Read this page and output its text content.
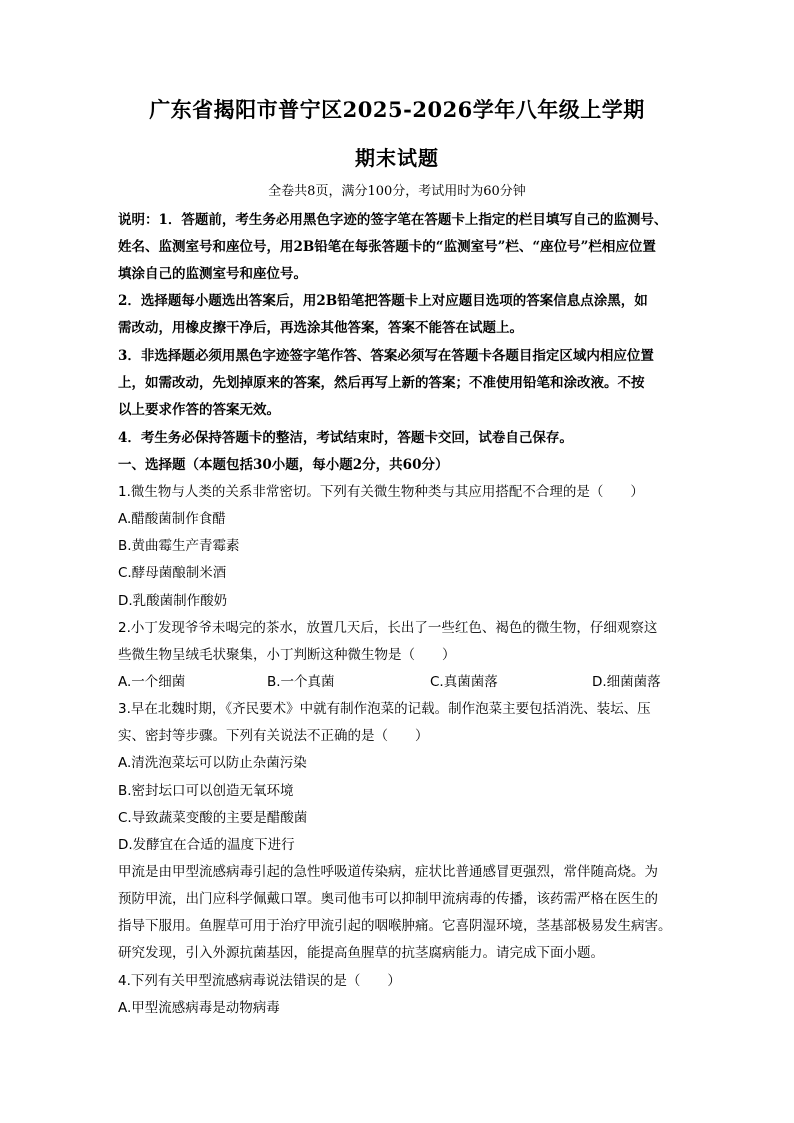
广东省揭阳市普宁区2025-2026学年八年级上学期
期末试题
全卷共8页，满分100分，考试用时为60分钟
说明：1．答题前，考生务必用黑色字迹的签字笔在答题卡上指定的栏目填写自己的监测号、
姓名、监测室号和座位号，用2B铅笔在每张答题卡的“监测室号”栏、“座位号”栏相应位置
填涂自己的监测室号和座位号。
2．选择题每小题选出答案后，用2B铅笔把答题卡上对应题目选项的答案信息点涂黑，如
需改动，用橡皮擦干净后，再选涂其他答案，答案不能答在试题上。
3．非选择题必须用黑色字迹签字笔作答、答案必须写在答题卡各题目指定区域内相应位置
上，如需改动，先划掉原来的答案，然后再写上新的答案；不准使用铅笔和涂改液。不按
以上要求作答的答案无效。
4．考生务必保持答题卡的整洁，考试结束时，答题卡交回，试卷自己保存。
一、选择题（本题包括30小题，每小题2分，共60分）
1.微生物与人类的关系非常密切。下列有关微生物种类与其应用搭配不合理的是（　　）
A.醋酸菌制作食醋
B.黄曲霉生产青霉素
C.酵母菌酿制米酒
D.乳酸菌制作酸奶
2.小丁发现爷爷未喝完的茶水，放置几天后，长出了一些红色、褐色的微生物，仔细观察这
些微生物呈绒毛状聚集，小丁判断这种微生物是（　　）
A.一个细菌	B.一个真菌	C.真菌菌落	D.细菌菌落
3.早在北魏时期，《齐民要术》中就有制作泡菜的记载。制作泡菜主要包括消洗、装坛、压
实、密封等步骤。下列有关说法不正确的是（　　）
A.清洗泡菜坛可以防止杂菌污染
B.密封坛口可以创造无氧环境
C.导致蔬菜变酸的主要是醋酸菌
D.发酵宜在合适的温度下进行
甲流是由甲型流感病毒引起的急性呼吸道传染病，症状比普通感冒更强烈，常伴随高烧。为
预防甲流，出门应科学佩戴口罩。奥司他韦可以抑制甲流病毒的传播，该药需严格在医生的
指导下服用。鱼腥草可用于治疗甲流引起的咽喉肿痛。它喜阴湿环境，茎基部极易发生病害。
研究发现，引入外源抗菌基因，能提高鱼腥草的抗茎腐病能力。请完成下面小题。
4.下列有关甲型流感病毒说法错误的是（　　）
A.甲型流感病毒是动物病毒
